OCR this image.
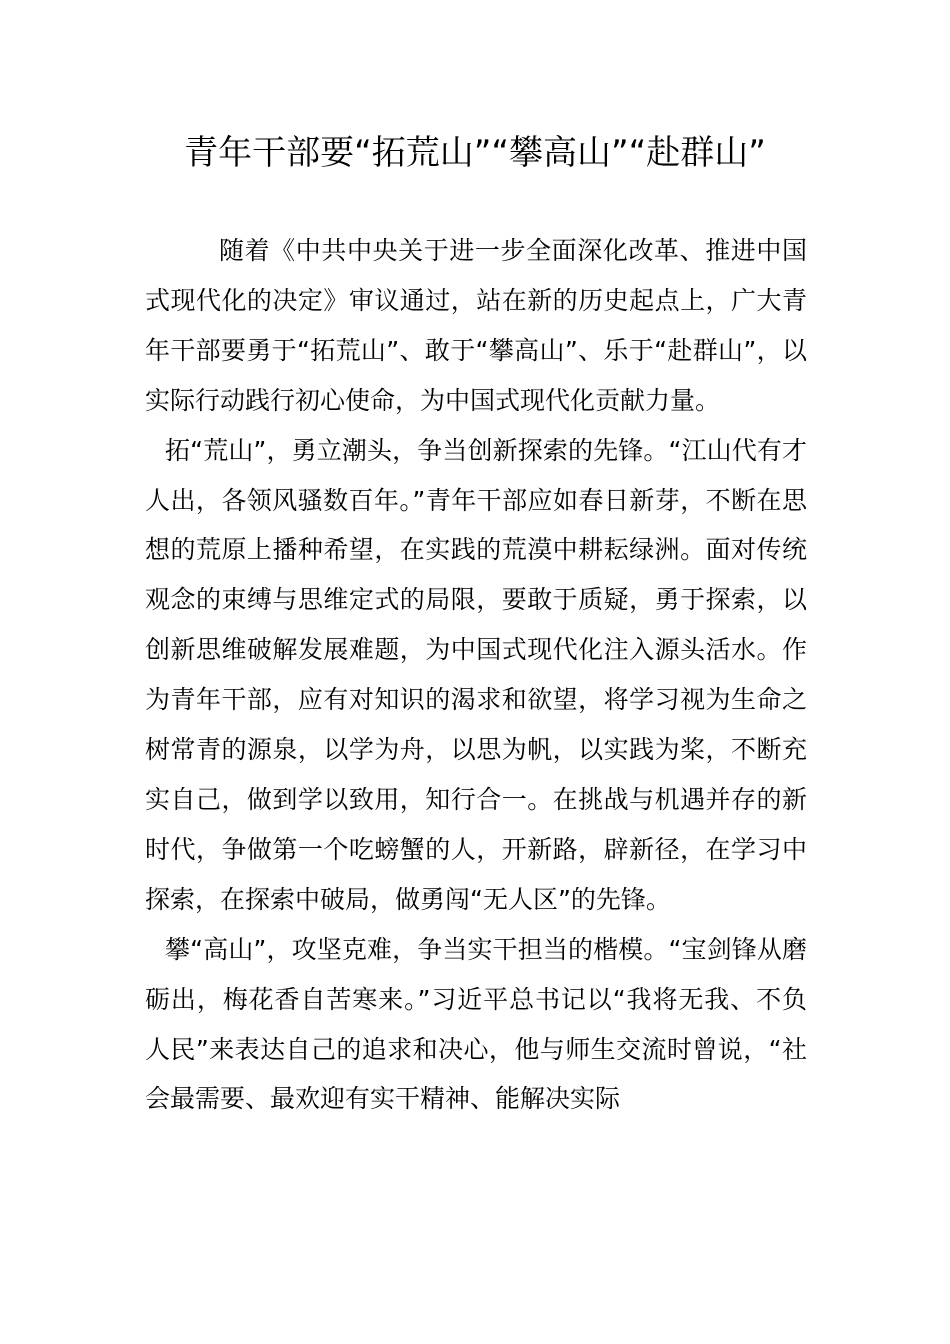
青年干部要“拓荒山”“攀高山”“赴群山”

随着《中共中央关于进一步全面深化改革、推进中国式现代化的决定》审议通过，站在新的历史起点上，广大青年干部要勇于“拓荒山”、敢于“攀高山”、乐于“赴群山”，以实际行动践行初心使命，为中国式现代化贡献力量。

拓“荒山”，勇立潮头，争当创新探索的先锋。“江山代有才人出，各领风骚数百年。”青年干部应如春日新芽，不断在思想的荒原上播种希望，在实践的荒漠中耕耘绿洲。面对传统观念的束缚与思维定式的局限，要敢于质疑，勇于探索，以创新思维破解发展难题，为中国式现代化注入源头活水。作为青年干部，应有对知识的渴求和欲望，将学习视为生命之树常青的源泉，以学为舟，以思为帆，以实践为桨，不断充实自己，做到学以致用，知行合一。在挑战与机遇并存的新时代，争做第一个吃螃蟹的人，开新路，辟新径，在学习中探索，在探索中破局，做勇闯“无人区”的先锋。

攀“高山”，攻坚克难，争当实干担当的楷模。“宝剑锋从磨砺出，梅花香自苦寒来。”习近平总书记以“我将无我、不负人民”来表达自己的追求和决心，他与师生交流时曾说，“社会最需要、最欢迎有实干精神、能解决实际
